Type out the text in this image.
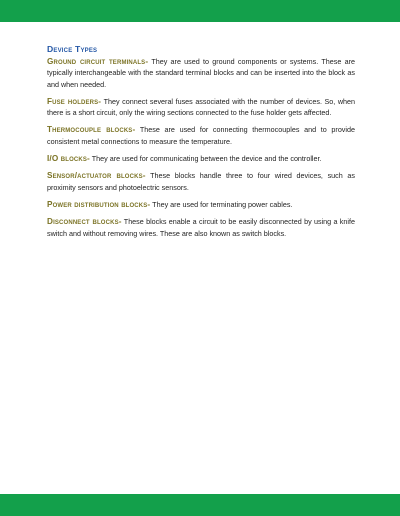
Device Types

Ground circuit terminals- They are used to ground components or systems. These are typically interchangeable with the standard terminal blocks and can be inserted into the block as and when needed.

Fuse holders- They connect several fuses associated with the number of devices. So, when there is a short circuit, only the wiring sections connected to the fuse holder gets affected.

Thermocouple blocks- These are used for connecting thermocouples and to provide consistent metal connections to measure the temperature.

I/O blocks- They are used for communicating between the device and the controller.

Sensor/actuator blocks- These blocks handle three to four wired devices, such as proximity sensors and photoelectric sensors.

Power distribution blocks- They are used for terminating power cables.

Disconnect blocks- These blocks enable a circuit to be easily disconnected by using a knife switch and without removing wires. These are also known as switch blocks.
